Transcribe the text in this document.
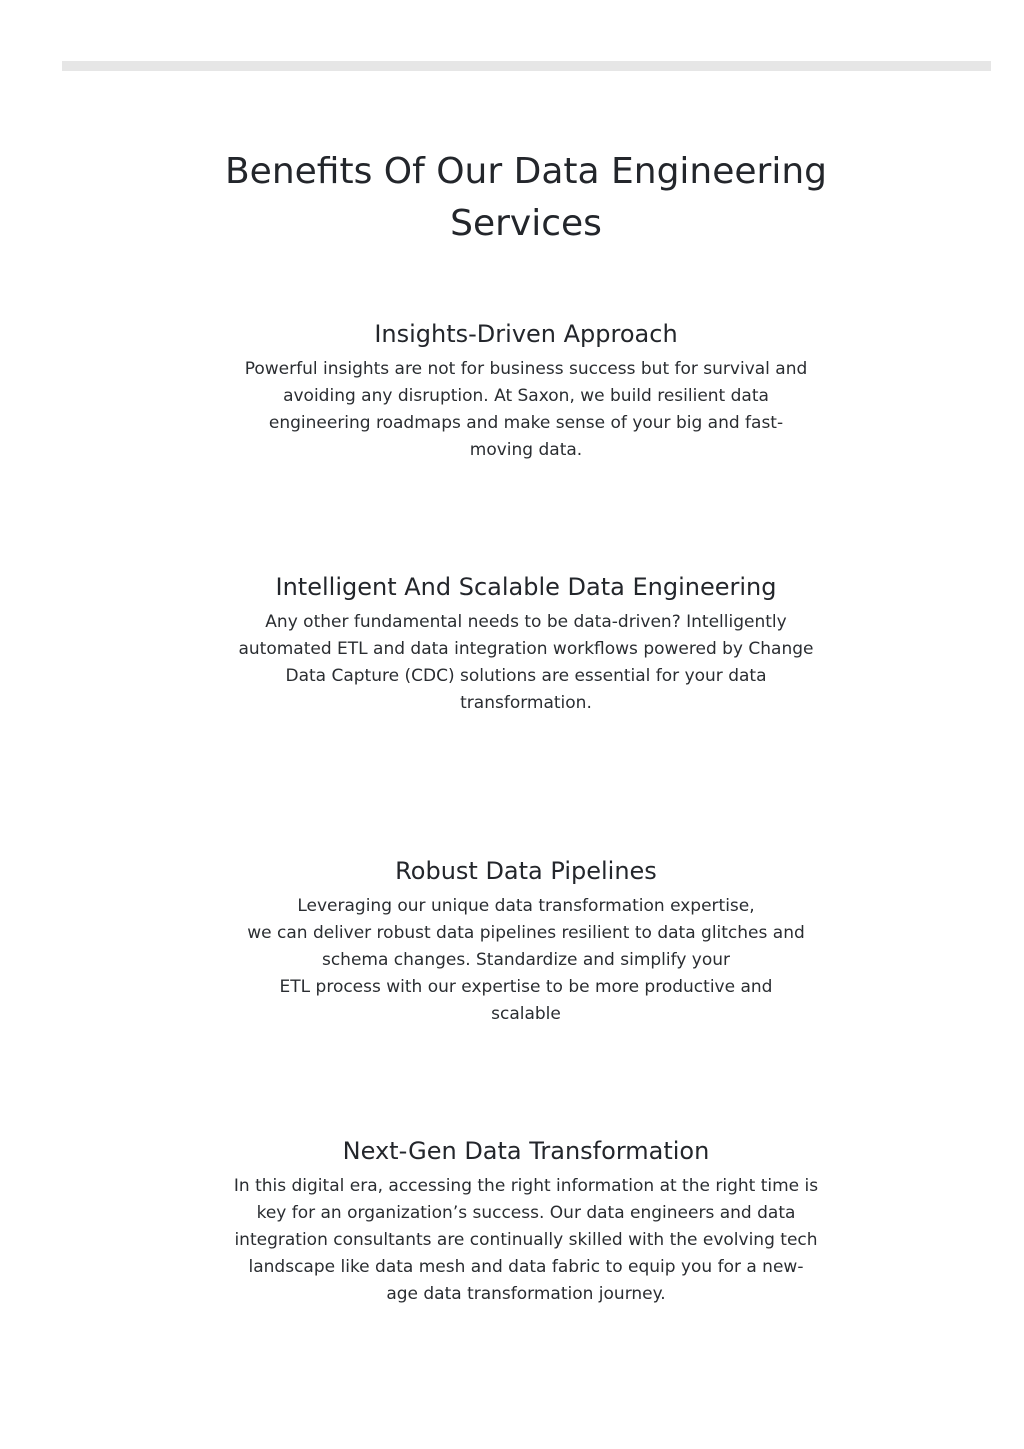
Benefits Of Our Data Engineering
Services
Insights-Driven Approach

Powerful insights are not for business success but for survival and
avoiding any disruption. At Saxon, we build resilient data
engineering roadmaps and make sense of your big and fast-
moving data.

Intelligent And Scalable Data Engineering

Any other fundamental needs to be data-driven? Intelligently
automated ETL and data integration workflows powered by Change
Data Capture (CDC) solutions are essential for your data
transformation.

Robust Data Pipelines

Leveraging our unique data transformation expertise,
we can deliver robust data pipelines resilient to data glitches and
schema changes. Standardize and simplify your
ETL process with our expertise to be more productive and
scalable

Next-Gen Data Transformation

In this digital era, accessing the right information at the right time is
key for an organization’s success. Our data engineers and data
integration consultants are continually skilled with the evolving tech
landscape like data mesh and data fabric to equip you for a new-
age data transformation journey.
